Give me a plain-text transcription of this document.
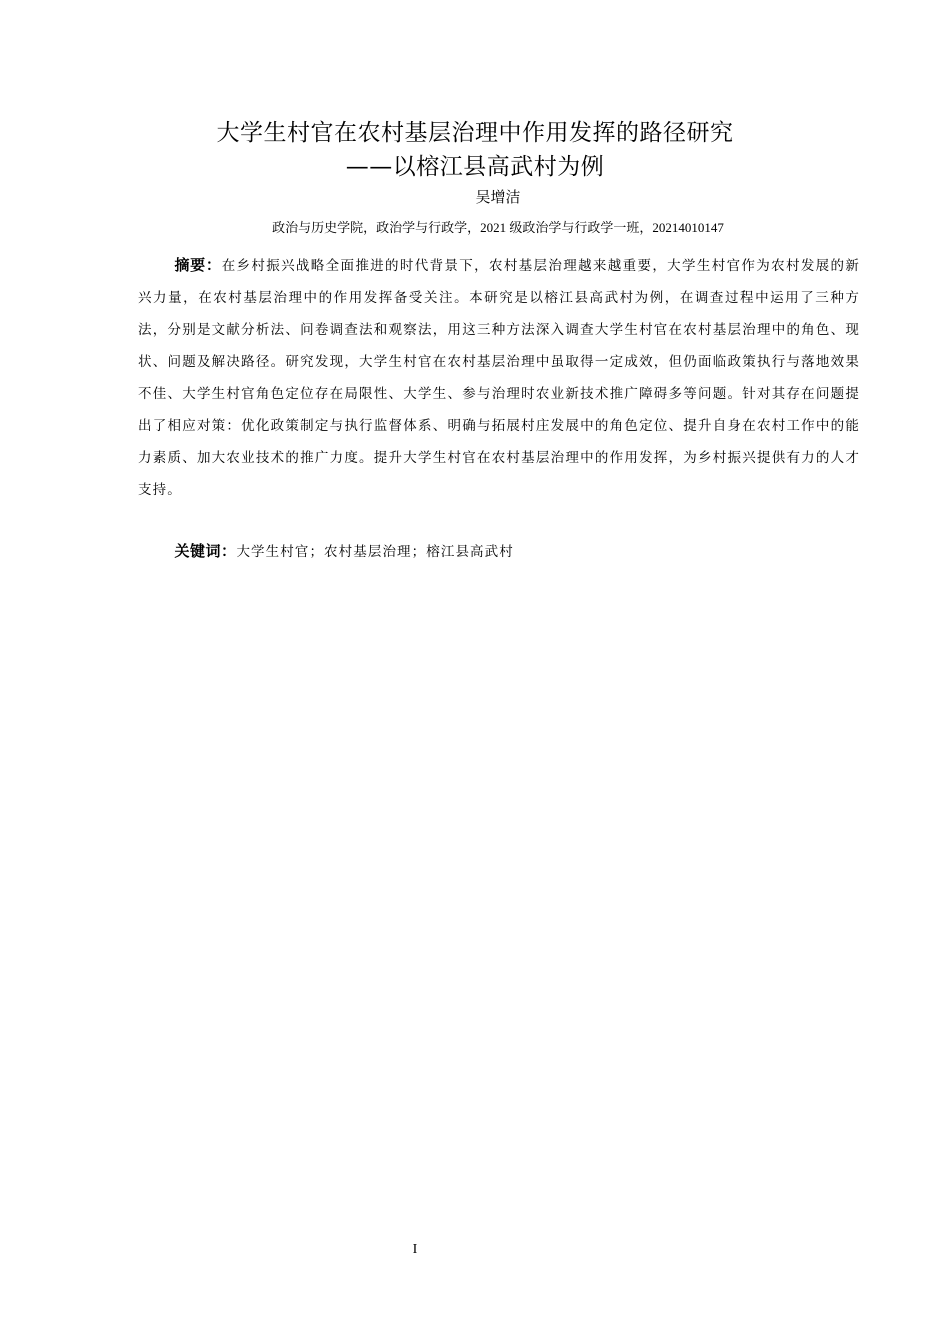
大学生村官在农村基层治理中作用发挥的路径研究
——以榕江县高武村为例
吴增洁
政治与历史学院，政治学与行政学，2021 级政治学与行政学一班，20214010147
摘要：在乡村振兴战略全面推进的时代背景下，农村基层治理越来越重要，大学生村官作为农村发展的新兴力量，在农村基层治理中的作用发挥备受关注。本研究是以榕江县高武村为例，在调查过程中运用了三种方法，分别是文献分析法、问卷调查法和观察法，用这三种方法深入调查大学生村官在农村基层治理中的角色、现状、问题及解决路径。研究发现，大学生村官在农村基层治理中虽取得一定成效，但仍面临政策执行与落地效果不佳、大学生村官角色定位存在局限性、大学生、参与治理时农业新技术推广障碍多等问题。针对其存在问题提出了相应对策：优化政策制定与执行监督体系、明确与拓展村庄发展中的角色定位、提升自身在农村工作中的能力素质、加大农业技术的推广力度。提升大学生村官在农村基层治理中的作用发挥，为乡村振兴提供有力的人才支持。
关键词：大学生村官；农村基层治理；榕江县高武村
I
